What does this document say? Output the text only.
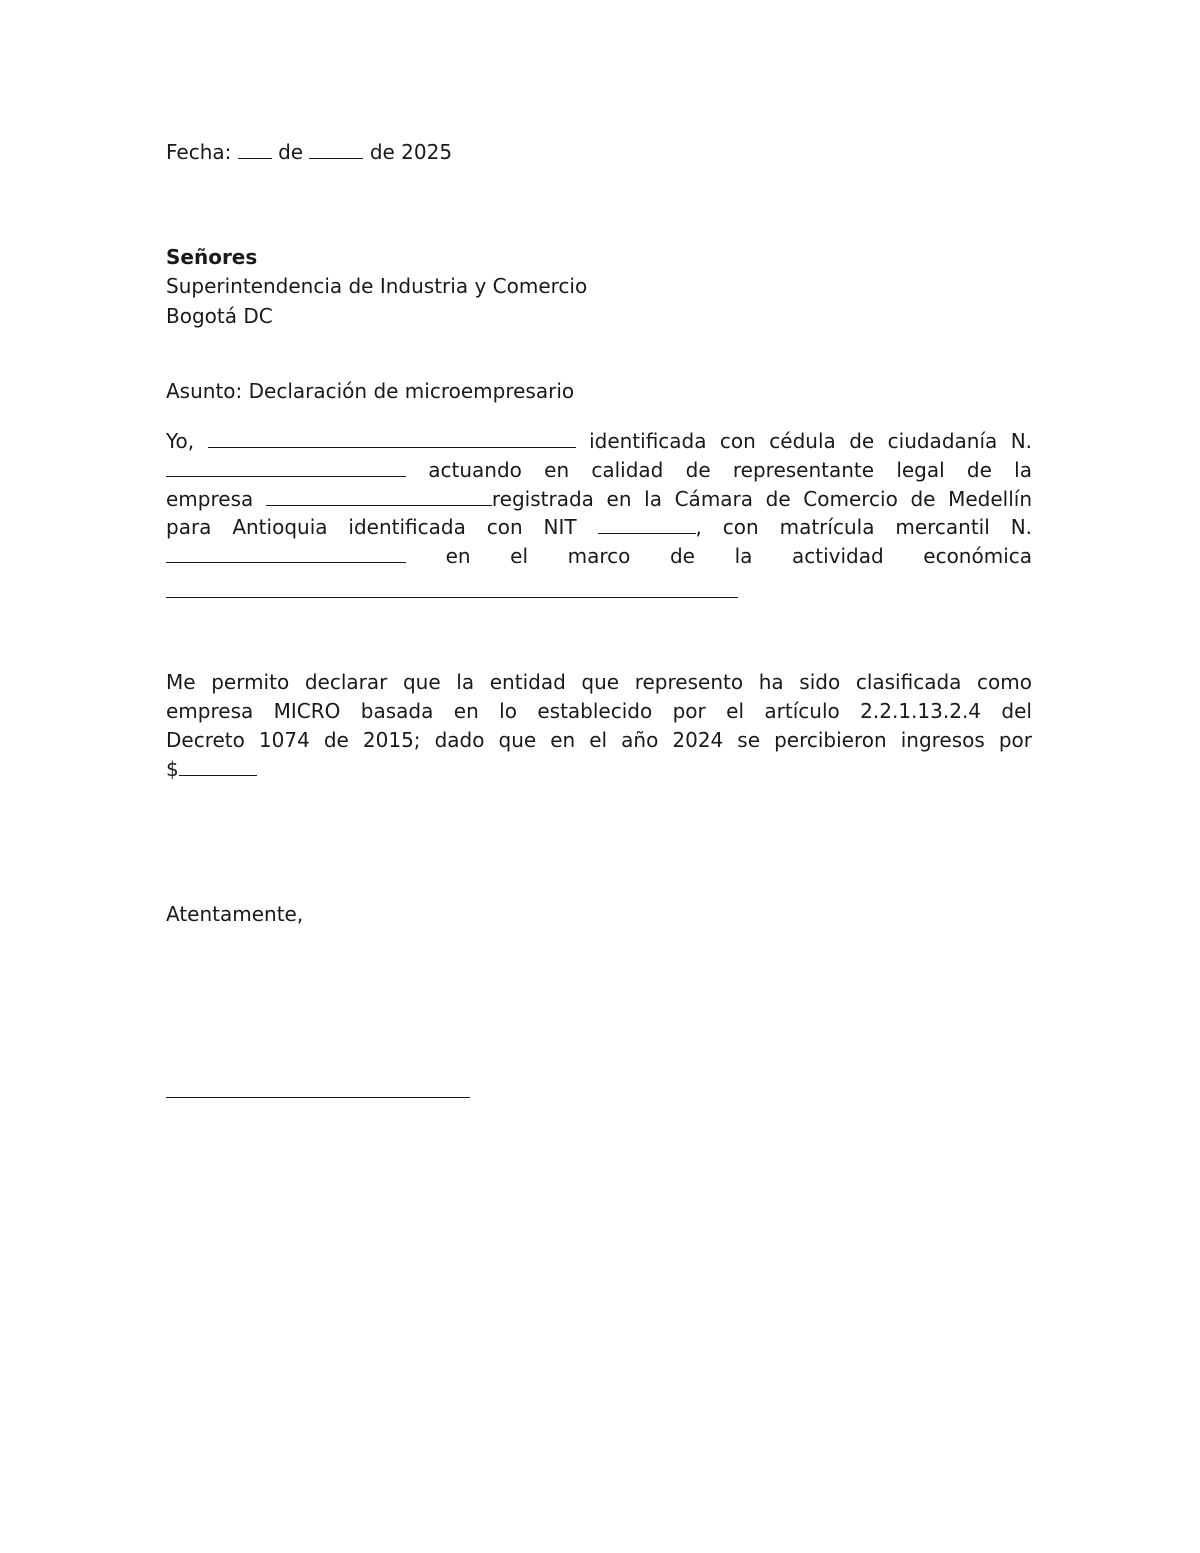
Fecha: de	de 2025
Señores
Superintendencia de Industria y Comercio
Bogotá DC
Asunto: Declaración de microempresario
Yo,	identificada con cédula de ciudadanía N.
actuando en calidad de representante legal de la
empresa	registrada en la Cámara de Comercio de Medellín
para Antioquia identificada con NIT	, con matrícula mercantil N.
en el marco de la actividad económica
Me permito declarar que la entidad que represento ha sido clasificada como
empresa MICRO basada en lo establecido por el artículo 2.2.1.13.2.4 del
Decreto 1074 de 2015; dado que en el año 2024 se percibieron ingresos por
$
Atentamente,
